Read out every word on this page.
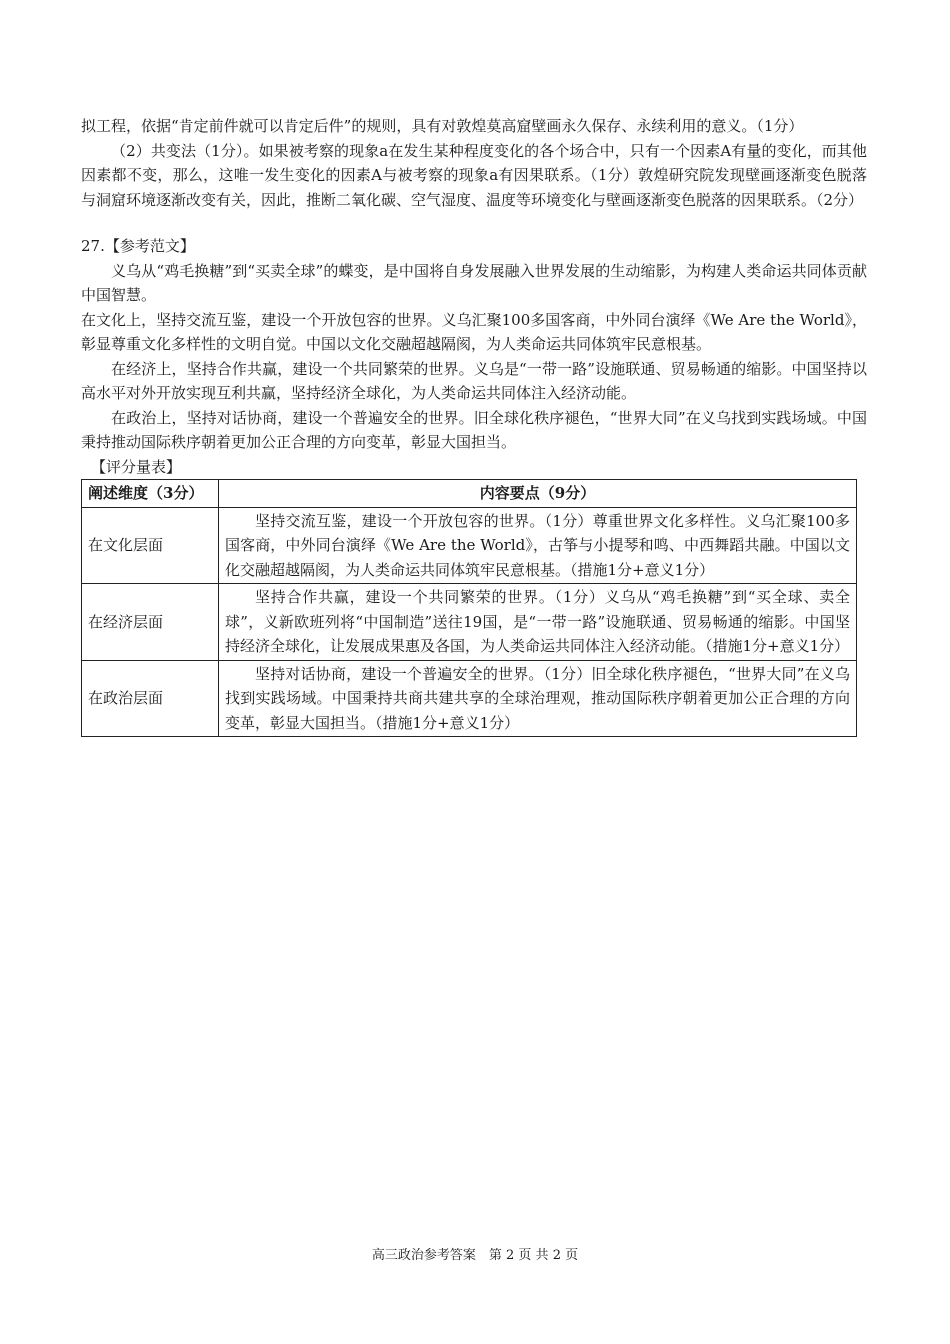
拟工程，依据“肯定前件就可以肯定后件”的规则，具有对敦煌莫高窟壁画永久保存、永续利用的意义。（1分）

（2）共变法（1分）。如果被考察的现象a在发生某种程度变化的各个场合中，只有一个因素A有量的变化，而其他因素都不变，那么，这唯一发生变化的因素A与被考察的现象a有因果联系。（1分）敦煌研究院发现壁画逐渐变色脱落与洞窟环境逐渐改变有关，因此，推断二氧化碳、空气湿度、温度等环境变化与壁画逐渐变色脱落的因果联系。（2分）

27.【参考范文】

义乌从“鸡毛换糖”到“买卖全球”的蝶变，是中国将自身发展融入世界发展的生动缩影，为构建人类命运共同体贡献中国智慧。

在文化上，坚持交流互鉴，建设一个开放包容的世界。义乌汇聚100多国客商，中外同台演绎《We Are the World》，彰显尊重文化多样性的文明自觉。中国以文化交融超越隔阂，为人类命运共同体筑牢民意根基。

在经济上，坚持合作共赢，建设一个共同繁荣的世界。义乌是“一带一路”设施联通、贸易畅通的缩影。中国坚持以高水平对外开放实现互利共赢，坚持经济全球化，为人类命运共同体注入经济动能。

在政治上，坚持对话协商，建设一个普遍安全的世界。旧全球化秩序褪色，“世界大同”在义乌找到实践场域。中国秉持推动国际秩序朝着更加公正合理的方向变革，彰显大国担当。

【评分量表】

阐述维度（3分）	内容要点（9分）
在文化层面	坚持交流互鉴，建设一个开放包容的世界。（1分）尊重世界文化多样性。义乌汇聚100多国客商，中外同台演绎《We Are the World》，古筝与小提琴和鸣、中西舞蹈共融。中国以文化交融超越隔阂，为人类命运共同体筑牢民意根基。（措施1分+意义1分）
在经济层面	坚持合作共赢，建设一个共同繁荣的世界。（1分）义乌从“鸡毛换糖”到“买全球、卖全球”，义新欧班列将“中国制造”送往19国，是“一带一路”设施联通、贸易畅通的缩影。中国坚持经济全球化，让发展成果惠及各国，为人类命运共同体注入经济动能。（措施1分+意义1分）
在政治层面	坚持对话协商，建设一个普遍安全的世界。（1分）旧全球化秩序褪色，“世界大同”在义乌找到实践场域。中国秉持共商共建共享的全球治理观，推动国际秩序朝着更加公正合理的方向变革，彰显大国担当。（措施1分+意义1分）
高三政治参考答案　第 2 页 共 2 页
